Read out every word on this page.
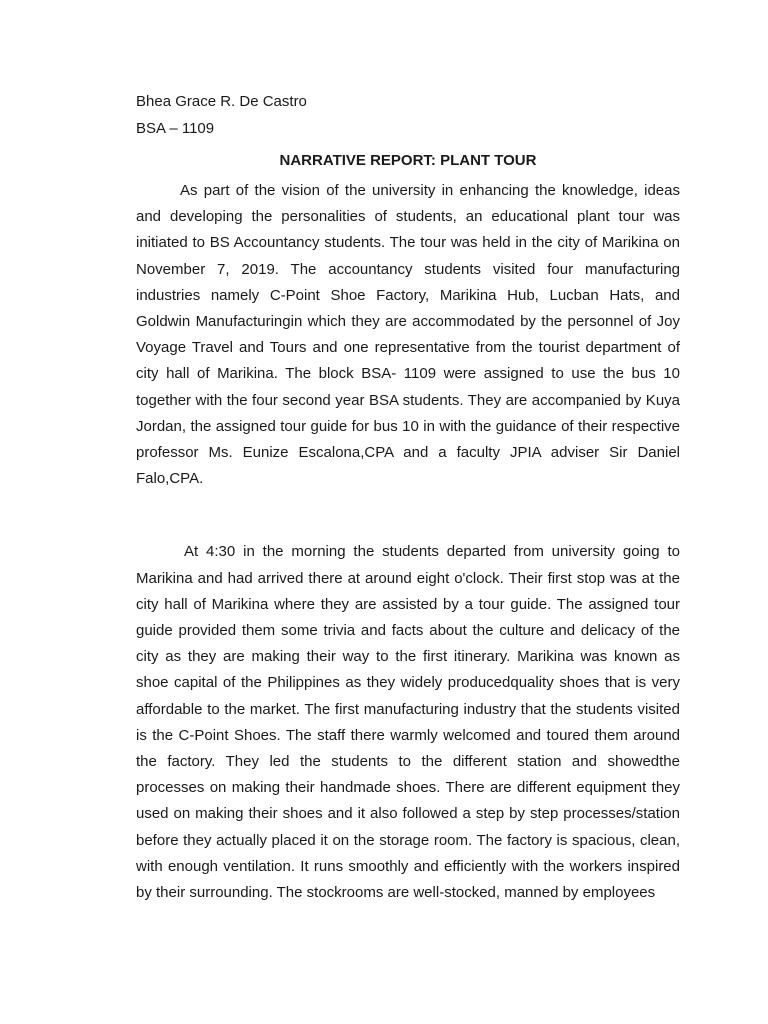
Bhea Grace R. De Castro

BSA – 1109

NARRATIVE REPORT: PLANT TOUR

As part of the vision of the university in enhancing the knowledge, ideas and developing the personalities of students, an educational plant tour was initiated to BS Accountancy students. The tour was held in the city of Marikina on November 7, 2019. The accountancy students visited four manufacturing industries namely C-Point Shoe Factory, Marikina Hub, Lucban Hats, and Goldwin Manufacturingin which they are accommodated by the personnel of Joy Voyage Travel and Tours and one representative from the tourist department of city hall of Marikina. The block BSA- 1109 were assigned to use the bus 10 together with the four second year BSA students. They are accompanied by Kuya Jordan, the assigned tour guide for bus 10 in with the guidance of their respective professor Ms. Eunize Escalona,CPA and a faculty JPIA adviser Sir Daniel Falo,CPA.

At 4:30 in the morning the students departed from university going to Marikina and had arrived there at around eight o'clock. Their first stop was at the city hall of Marikina where they are assisted by a tour guide. The assigned tour guide provided them some trivia and facts about the culture and delicacy of the city as they are making their way to the first itinerary. Marikina was known as shoe capital of the Philippines as they widely producedquality shoes that is very affordable to the market. The first manufacturing industry that the students visited is the C-Point Shoes. The staff there warmly welcomed and toured them around the factory. They led the students to the different station and showedthe processes on making their handmade shoes. There are different equipment they used on making their shoes and it also followed a step by step processes/station before they actually placed it on the storage room. The factory is spacious, clean, with enough ventilation. It runs smoothly and efficiently with the workers inspired by their surrounding. The stockrooms are well-stocked, manned by employees
